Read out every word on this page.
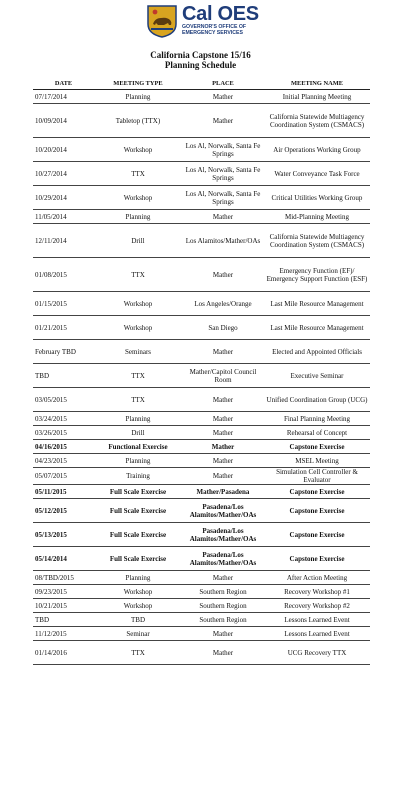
Cal OES
GOVERNOR'S OFFICE OF EMERGENCY SERVICES
California Capstone 15/16
Planning Schedule
DATE	MEETING TYPE	PLACE	MEETING NAME
07/17/2014	Planning	Mather	Initial Planning Meeting
10/09/2014	Tabletop (TTX)	Mather	California Statewide Multiagency Coordination System (CSMACS)
10/20/2014	Workshop	Los Al, Norwalk, Santa Fe Springs	Air Operations Working Group
10/27/2014	TTX	Los Al, Norwalk, Santa Fe Springs	Water Conveyance Task Force
10/29/2014	Workshop	Los Al, Norwalk, Santa Fe Springs	Critical Utilities Working Group
11/05/2014	Planning	Mather	Mid-Planning Meeting
12/11/2014	Drill	Los Alamitos/Mather/OAs	California Statewide Multiagency Coordination System (CSMACS)
01/08/2015	TTX	Mather	Emergency Function (EF)/ Emergency Support Function (ESF)
01/15/2015	Workshop	Los Angeles/Orange	Last Mile Resource Management
01/21/2015	Workshop	San Diego	Last Mile Resource Management
February TBD	Seminars	Mather	Elected and Appointed Officials
TBD	TTX	Mather/Capitol Council Room	Executive Seminar
03/05/2015	TTX	Mather	Unified Coordination Group (UCG)
03/24/2015	Planning	Mather	Final Planning Meeting
03/26/2015	Drill	Mather	Rehearsal of Concept
04/16/2015	Functional Exercise	Mather	Capstone Exercise
04/23/2015	Planning	Mather	MSEL Meeting
05/07/2015	Training	Mather	Simulation Cell Controller & Evaluator
05/11/2015	Full Scale Exercise	Mather/Pasadena	Capstone Exercise
05/12/2015	Full Scale Exercise	Pasadena/Los Alamitos/Mather/OAs	Capstone Exercise
05/13/2015	Full Scale Exercise	Pasadena/Los Alamitos/Mather/OAs	Capstone Exercise
05/14/2014	Full Scale Exercise	Pasadena/Los Alamitos/Mather/OAs	Capstone Exercise
08/TBD/2015	Planning	Mather	After Action Meeting
09/23/2015	Workshop	Southern Region	Recovery Workshop #1
10/21/2015	Workshop	Southern Region	Recovery Workshop #2
TBD	TBD	Southern Region	Lessons Learned Event
11/12/2015	Seminar	Mather	Lessons Learned Event
01/14/2016	TTX	Mather	UCG Recovery TTX
